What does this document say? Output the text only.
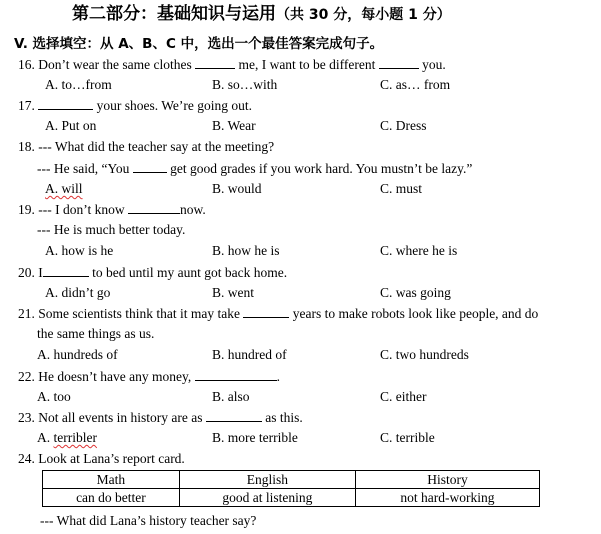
第二部分：基础知识与运用（共 30 分，每小题 1 分）
V. 选择填空：从 A、B、C 中，选出一个最佳答案完成句子。
16. Don’t wear the same clothes	me, I want to be different	you.
A. to…from	B. so…with	C. as… from
17.	your shoes. We’re going out.
A. Put on	B. Wear	C. Dress
18. --- What did the teacher say at the meeting?
--- He said, “You	get good grades if you work hard. You mustn’t be lazy.”
A. will	B. would	C. must
19. --- I don’t know	now.
--- He is much better today.
A. how is he	B. how he is	C. where he is
20. I	to bed until my aunt got back home.
A. didn’t go	B. went	C. was going
21. Some scientists think that it may take	years to make robots look like people, and do
the same things as us.
A. hundreds of	B. hundred of	C. two hundreds
22. He doesn’t have any money,	.
A. too	B. also	C. either
23. Not all events in history are as	as this.
A. terribler	B. more terrible	C. terrible
24. Look at Lana’s report card.
Math	English	History
can do better	good at listening	not hard-working
--- What did Lana’s history teacher say?
